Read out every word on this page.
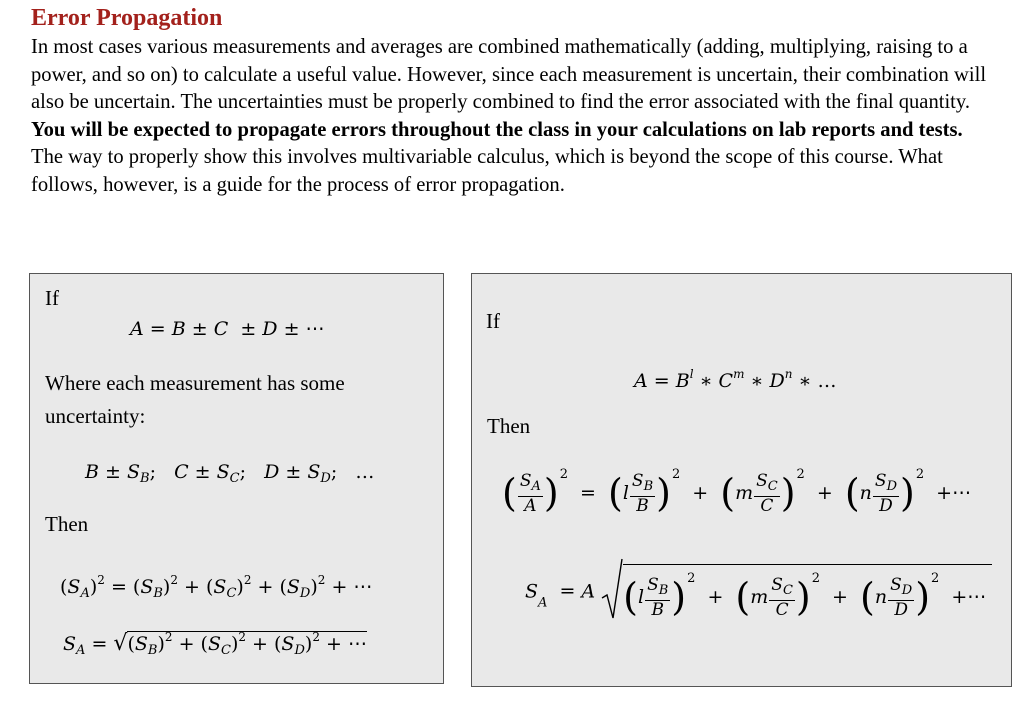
Error Propagation
In most cases various measurements and averages are combined mathematically (adding, multiplying, raising to a power, and so on) to calculate a useful value. However, since each measurement is uncertain, their combination will also be uncertain. The uncertainties must be properly combined to find the error associated with the final quantity. You will be expected to propagate errors throughout the class in your calculations on lab reports and tests. The way to properly show this involves multivariable calculus, which is beyond the scope of this course. What follows, however, is a guide for the process of error propagation.
If
A = B ± C  ± D ± ⋯
Where each measurement has some
uncertainty:
$B \pm S_B$;   $C \pm S_C$;   $D \pm S_D$;   …
Then
$(S_A)^2 = (S_B)^2 + (S_C)^2 + (S_D)^2$ + ⋯
$S_A = √(S_B)^2 + (S_C)^2 + (S_D)^2$ + ⋯
If
$A = B^l$ ∗ $C^m$ ∗ $D^n$ ∗ …
Then
( $\frac{S_A}{A} )^2 = (l \frac{S_B}{B} )^2 + (m \frac{S_C}{C} )^2 + (n \frac{S_D}{D} )^2$ +⋯
$S_A = A$ $(l \frac{S_B}{B} )^2 + (m \frac{S_C}{C} )^2 + (n \frac{S_D}{D} )^2$ +⋯
